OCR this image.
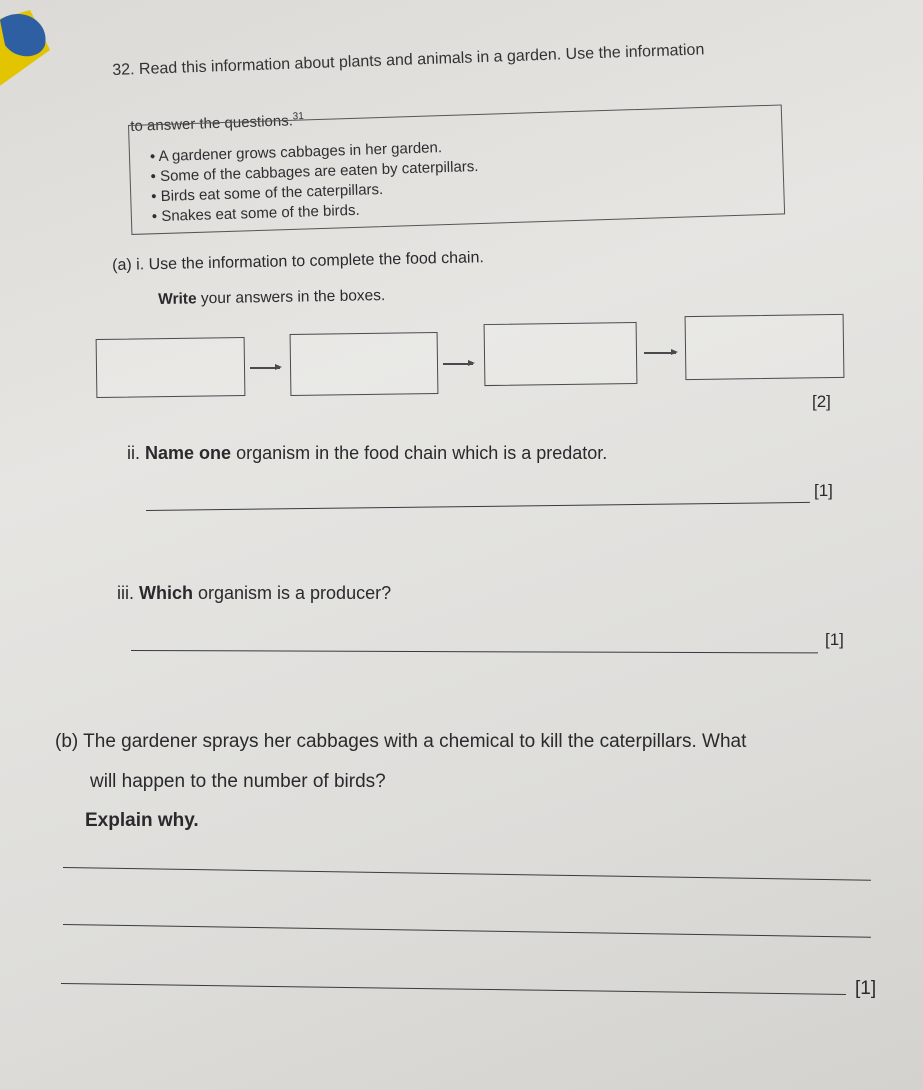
32. Read this information about plants and animals in a garden. Use the information
to answer the questions.$^{31}$
• A gardener grows cabbages in her garden.
• Some of the cabbages are eaten by caterpillars.
• Birds eat some of the caterpillars.
• Snakes eat some of the birds.
(a) i. Use the information to complete the food chain.
Write your answers in the boxes.
[2]
ii. Name one organism in the food chain which is a predator.
[1]
iii. Which organism is a producer?
[1]
(b) The gardener sprays her cabbages with a chemical to kill the caterpillars. What
will happen to the number of birds?
Explain why.
[1]
